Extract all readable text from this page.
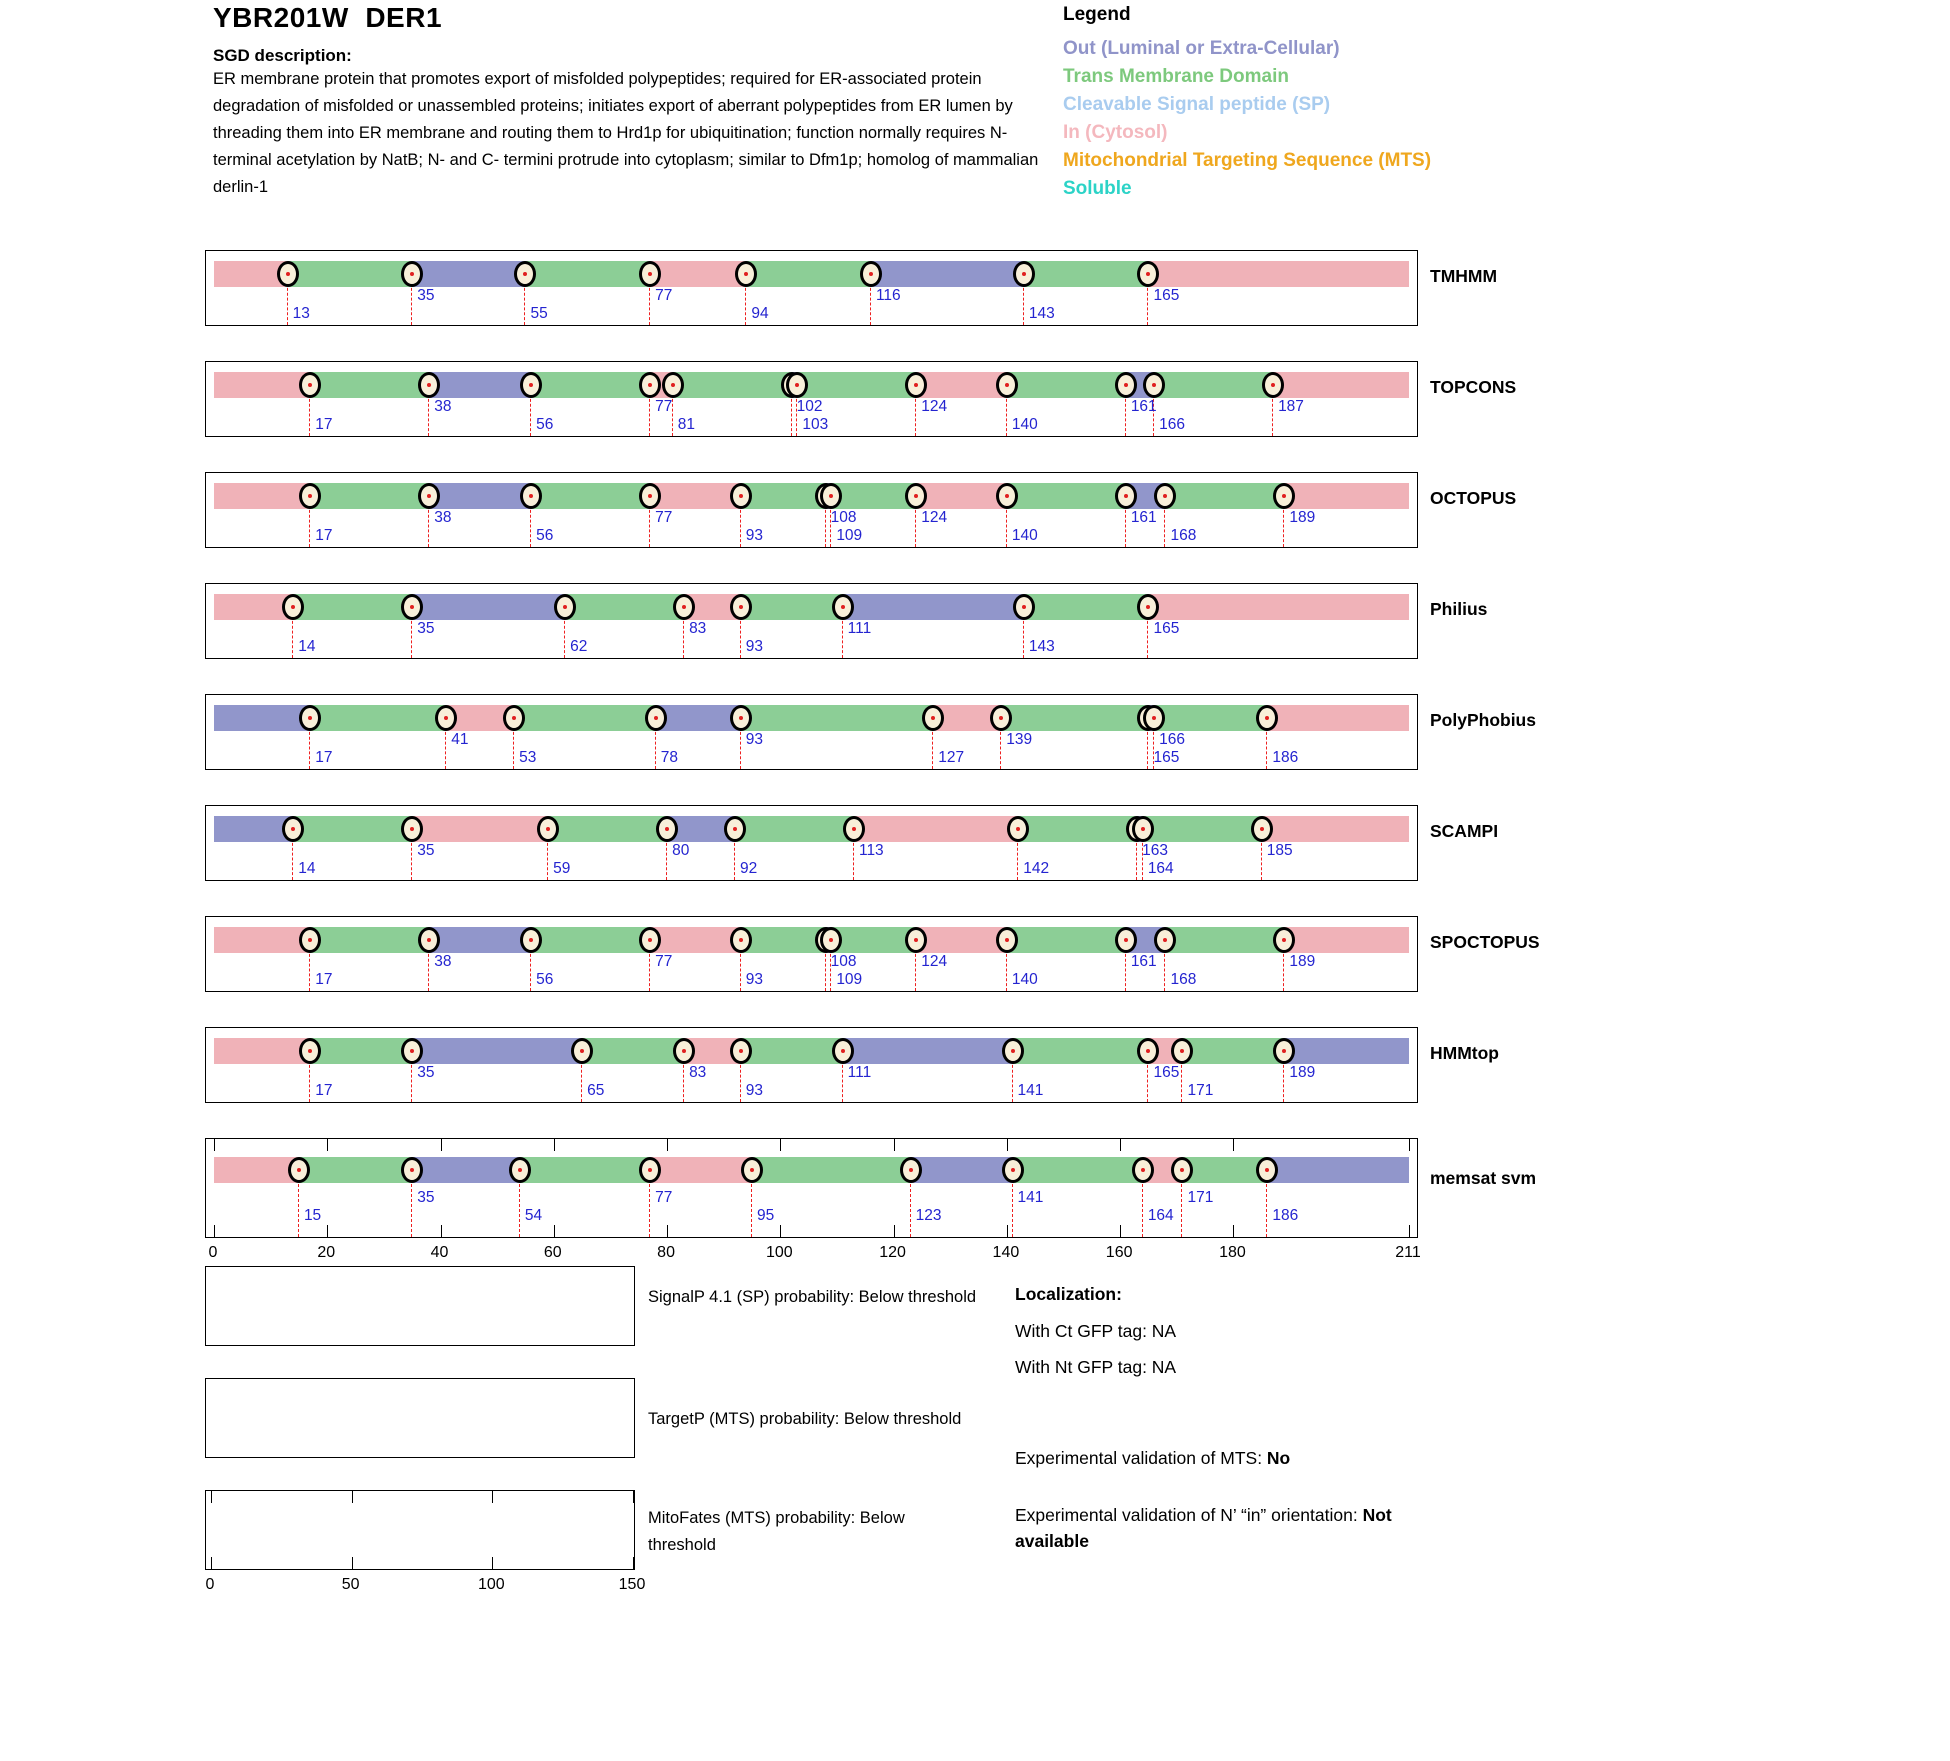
YBR201W  DER1
SGD description:
ER membrane protein that promotes export of misfolded polypeptides; required for ER-associated protein degradation of misfolded or unassembled proteins; initiates export of aberrant polypeptides from ER lumen by threading them into ER membrane and routing them to Hrd1p for ubiquitination; function normally requires N-terminal acetylation by NatB; N- and C- termini protrude into cytoplasm; similar to Dfm1p; homolog of mammalian derlin-1
Legend
Out (Luminal or Extra-Cellular)
Trans Membrane Domain
Cleavable Signal peptide (SP)
In (Cytosol)
Mitochondrial Targeting Sequence (MTS)
Soluble
13
35
55
77
94
116
143
165
TMHMM
17
38
56
77
81
102
103
124
140
161
166
187
TOPCONS
17
38
56
77
93
108
109
124
140
161
168
189
OCTOPUS
14
35
62
83
93
111
143
165
Philius
17
41
53	78
93
127
139
165
166
186
PolyPhobius
14
35
59
80
92
113
142
163
164
185
SCAMPI
17
38
56
77
93
108
109
124
140
161
168
189
SPOCTOPUS
17
35
65
83
93
111
141
165
171
189
HMMtop
0	20	40	60	80	100	120	140	160	180	211
15
35
54
77
95	123
141
164
171
186
memsat svm
SignalP 4.1 (SP) probability: Below threshold
TargetP (MTS) probability: Below threshold
0	50	100	150
MitoFates (MTS) probability: Below threshold
Localization:
With Ct GFP tag: NA
With Nt GFP tag: NA
Experimental validation of MTS: No
Experimental validation of N’ “in” orientation: Not available
